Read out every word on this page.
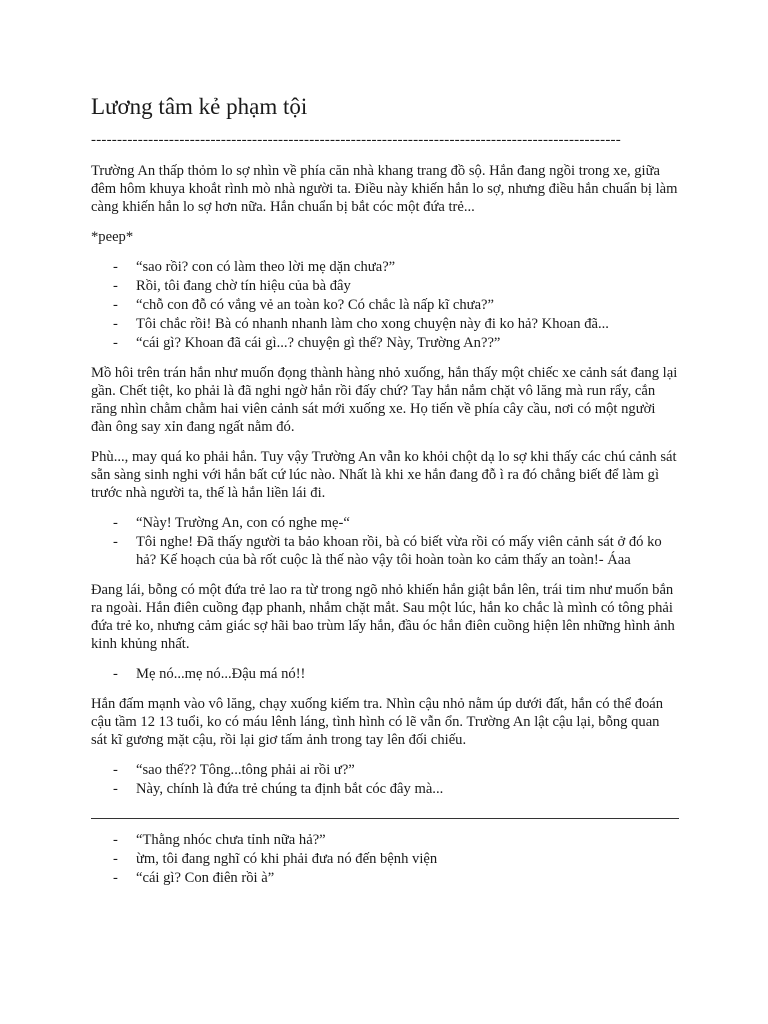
Lương tâm kẻ phạm tội
------------------------------------------------------------------------------------------------------

Trường An thấp thỏm lo sợ nhìn về phía căn nhà khang trang đồ sộ. Hắn đang ngồi trong xe, giữa đêm hôm khuya khoắt rình mò nhà người ta. Điều này khiến hắn lo sợ, nhưng điều hắn chuẩn bị làm càng khiến hắn lo sợ hơn nữa. Hắn chuẩn bị bắt cóc một đứa trẻ...

*peep*

- “sao rồi? con có làm theo lời mẹ dặn chưa?”
- Rồi, tôi đang chờ tín hiệu của bà đây
- “chỗ con đỗ có vắng vẻ an toàn ko? Có chắc là nấp kĩ chưa?”
- Tôi chắc rồi! Bà có nhanh nhanh làm cho xong chuyện này đi ko hả? Khoan đã...
- “cái gì? Khoan đã cái gì...? chuyện gì thế? Này, Trường An??”

Mồ hôi trên trán hắn như muốn đọng thành hàng nhỏ xuống, hắn thấy một chiếc xe cảnh sát đang lại gần. Chết tiệt, ko phải là đã nghi ngờ hắn rồi đấy chứ? Tay hắn nắm chặt vô lăng mà run rẩy, cắn răng nhìn chằm chằm hai viên cảnh sát mới xuống xe. Họ tiến về phía cây cầu, nơi có một người đàn ông say xỉn đang ngất nằm đó.

Phù..., may quá ko phải hắn. Tuy vậy Trường An vẫn ko khỏi chột dạ lo sợ khi thấy các chú cảnh sát sẵn sàng sinh nghi với hắn bất cứ lúc nào. Nhất là khi xe hắn đang đỗ ì ra đó chẳng biết để làm gì trước nhà người ta, thế là hắn liền lái đi.

- “Này! Trường An, con có nghe mẹ-“
- Tôi nghe! Đã thấy người ta bảo khoan rồi, bà có biết vừa rồi có mấy viên cảnh sát ở đó ko hả? Kế hoạch của bà rốt cuộc là thế nào vậy tôi hoàn toàn ko cảm thấy an toàn!- Áaa

Đang lái, bỗng có một đứa trẻ lao ra từ trong ngõ nhỏ khiến hắn giật bắn lên, trái tim như muốn bắn ra ngoài. Hắn điên cuồng đạp phanh, nhắm chặt mắt. Sau một lúc, hắn ko chắc là mình có tông phải đứa trẻ ko, nhưng cảm giác sợ hãi bao trùm lấy hắn, đầu óc hắn điên cuồng hiện lên những hình ảnh kinh khủng nhất.

- Mẹ nó...mẹ nó...Đậu má nó!!

Hắn đấm mạnh vào vô lăng, chạy xuống kiếm tra. Nhìn cậu nhỏ nằm úp dưới đất, hắn có thể đoán cậu tầm 12 13 tuổi, ko có máu lênh láng, tình hình có lẽ vẫn ổn. Trường An lật cậu lại, bỗng quan sát kĩ gương mặt cậu, rồi lại giơ tấm ảnh trong tay lên đối chiếu.

- “sao thế?? Tông...tông phải ai rồi ư?”
- Này, chính là đứa trẻ chúng ta định bắt cóc đây mà...
- “Thằng nhóc chưa tỉnh nữa hả?”
- ừm, tôi đang nghĩ có khi phải đưa nó đến bệnh viện
- “cái gì? Con điên rồi à”
